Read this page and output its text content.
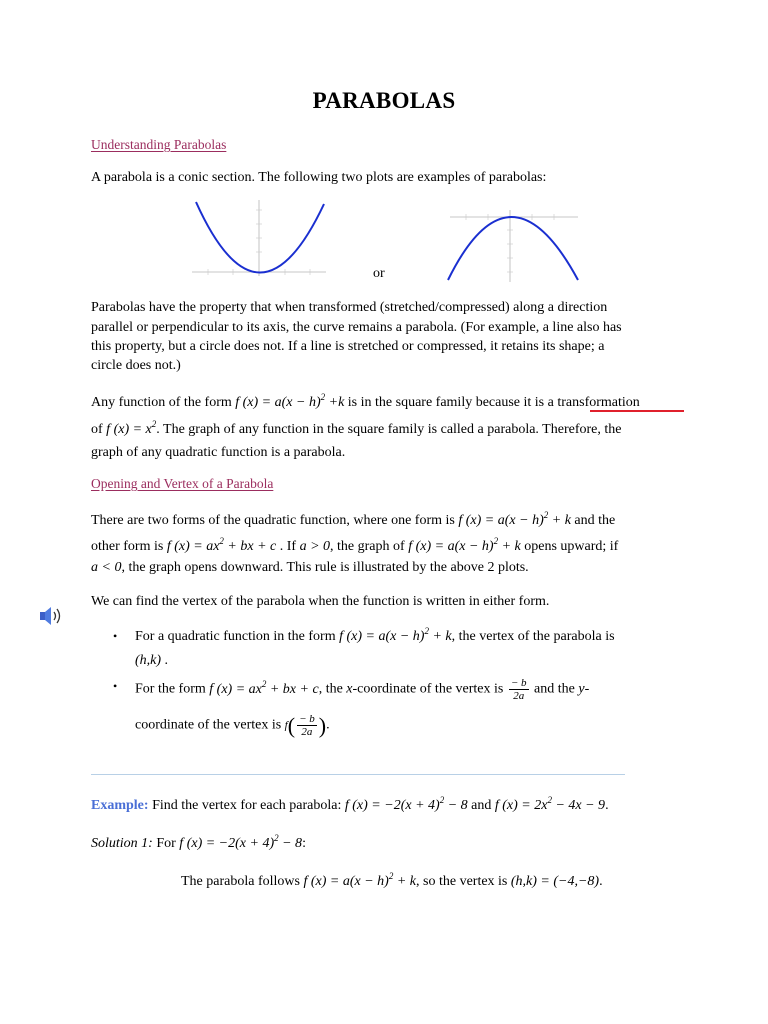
PARABOLAS
Understanding Parabolas
A parabola is a conic section. The following two plots are examples of parabolas:
or
Parabolas have the property that when transformed (stretched/compressed) along a direction
parallel or perpendicular to its axis, the curve remains a parabola. (For example, a line also has
this property, but a circle does not. If a line is stretched or compressed, it retains its shape; a
circle does not.)
Any function of the form f $(x) = a(x - h)^2 +k$ is in the square family because it is a transformation
of f $(x) = x^2$. The graph of any function in the square family is called a parabola. Therefore, the
graph of any quadratic function is a parabola.
Opening and Vertex of a Parabola
There are two forms of the quadratic function, where one form is f $(x) = a(x - h)^2 + k$ and the
other form is f $(x) = ax^2$ + bx + c . If a > 0, the graph of f $(x) = a(x - h)^2 + k$ opens upward; if
a < 0, the graph opens downward. This rule is illustrated by the above 2 plots.
We can find the vertex of the parabola when the function is written in either form.
• For a quadratic function in the form f $(x) = a(x - h)^2 + k$, the vertex of the parabola is
(h,k) .
• For the form f $(x) = ax^2$ + bx + c, the x-coordinate of the vertex is $\frac{- b}{2a}$ and the y-
coordinate of the vertex is $f( \frac{- b}{2a}$ ).
Example: Find the vertex for each parabola: f $(x) = -2(x + 4)^2 - 8$ and f $(x) = 2x^2 - 4x - 9$.
Solution 1: For f $(x) = -2(x + 4)^2 - 8$:
The parabola follows f $(x) = a(x - h)^2 + k$, so the vertex is (h,k) = (−4,−8).
